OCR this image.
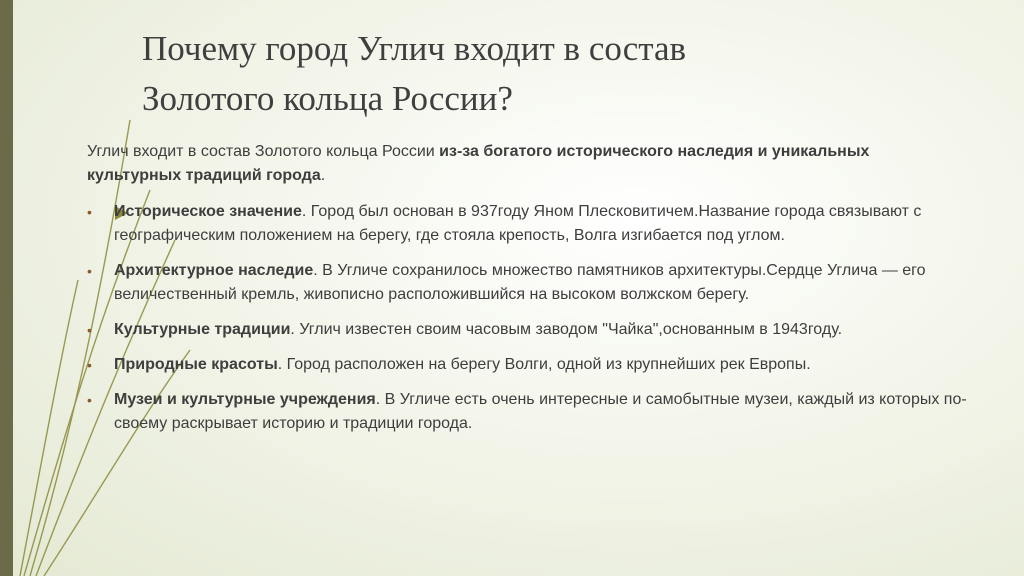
Почему город Углич входит в состав
Золотого кольца России?

Углич входит в состав Золотого кольца России из-за богатого исторического наследия и уникальных культурных традиций города.

• Историческое значение. Город был основан в 937году Яном Плесковитичем.Название города связывают с географическим положением на берегу, где стояла крепость, Волга изгибается под углом.
• Архитектурное наследие. В Угличе сохранилось множество памятников архитектуры.Сердце Углича — его величественный кремль, живописно расположившийся на высоком волжском берегу.
• Культурные традиции. Углич известен своим часовым заводом "Чайка",основанным в 1943году.
• Природные красоты. Город расположен на берегу Волги, одной из крупнейших рек Европы.
• Музеи и культурные учреждения. В Угличе есть очень интересные и самобытные музеи, каждый из которых по-своему раскрывает историю и традиции города.
